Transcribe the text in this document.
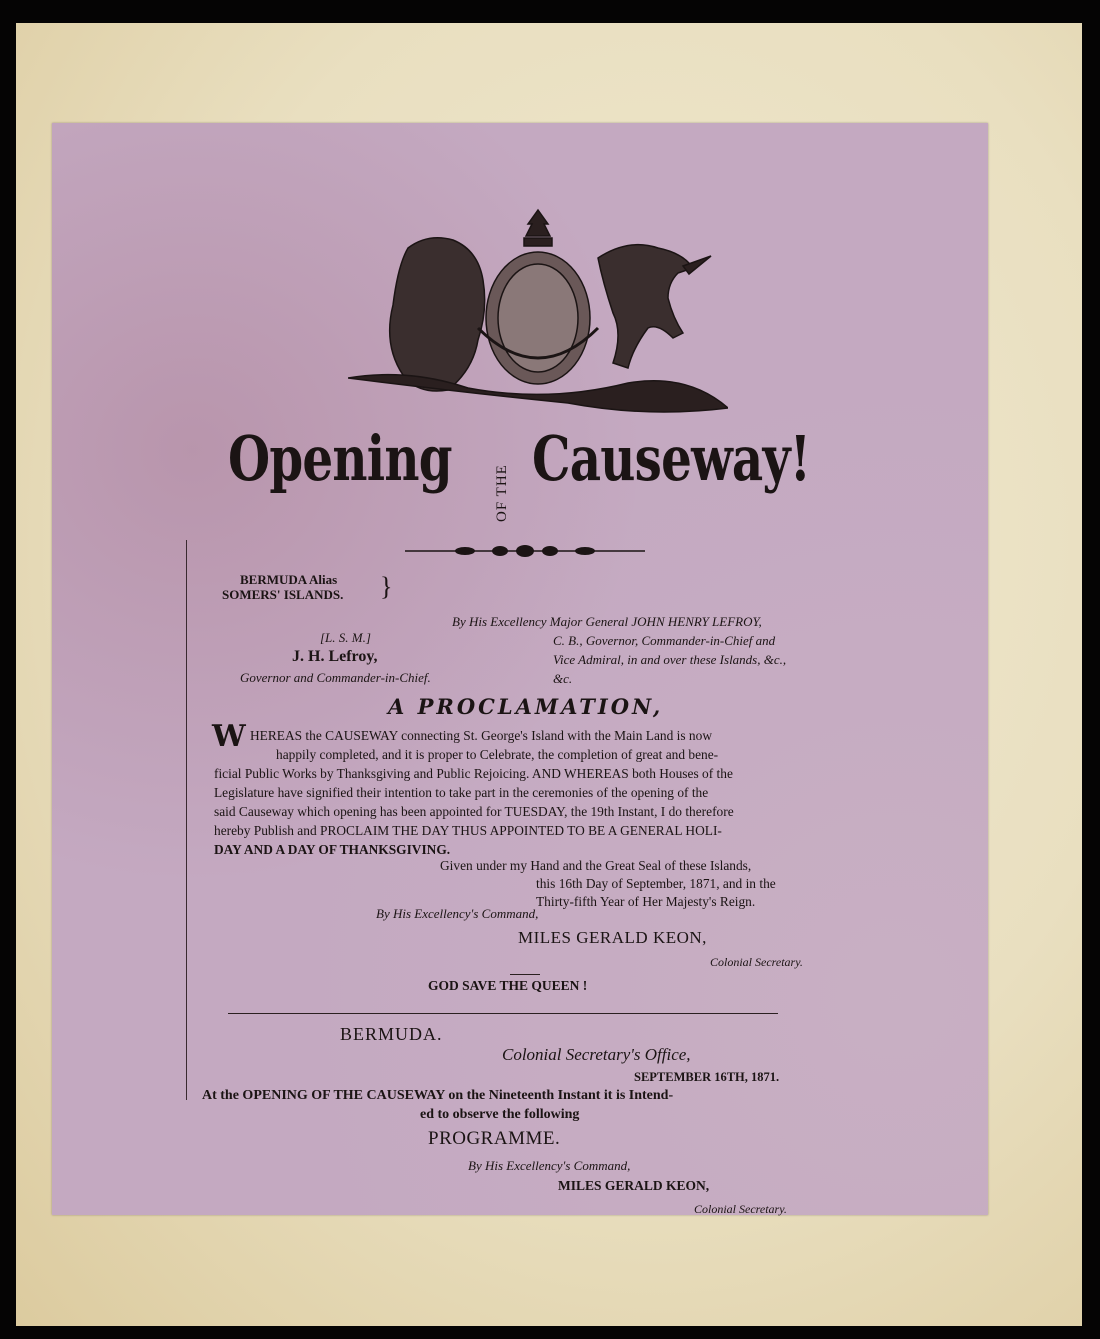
Opening	OF THE Causeway!
BERMUDA Alias
SOMERS' ISLANDS. }
[L. S. M.]
J. H. Lefroy,
Governor and Commander-in-Chief.
By His Excellency Major General JOHN HENRY LEFROY,
C. B., Governor, Commander-in-Chief and
Vice Admiral, in and over these Islands, &c.,
&c.
A PROCLAMATION,
W HEREAS the CAUSEWAY connecting St. George's Island with the Main Land is now
happily completed, and it is proper to Celebrate, the completion of great and bene-
ficial Public Works by Thanksgiving and Public Rejoicing. AND WHEREAS both Houses of the
Legislature have signified their intention to take part in the ceremonies of the opening of the
said Causeway which opening has been appointed for TUESDAY, the 19th Instant, I do therefore
hereby Publish and PROCLAIM THE DAY THUS APPOINTED TO BE A GENERAL HOLI-
DAY AND A DAY OF THANKSGIVING.
Given under my Hand and the Great Seal of these Islands,
this 16th Day of September, 1871, and in the
Thirty-fifth Year of Her Majesty's Reign.
By His Excellency's Command,
MILES GERALD KEON,
Colonial Secretary.
GOD SAVE THE QUEEN !
BERMUDA.
Colonial Secretary's Office,
SEPTEMBER 16TH, 1871.
At the OPENING OF THE CAUSEWAY on the Nineteenth Instant it is Intend-
ed to observe the following
PROGRAMME.
By His Excellency's Command,
MILES GERALD KEON,
Colonial Secretary.
